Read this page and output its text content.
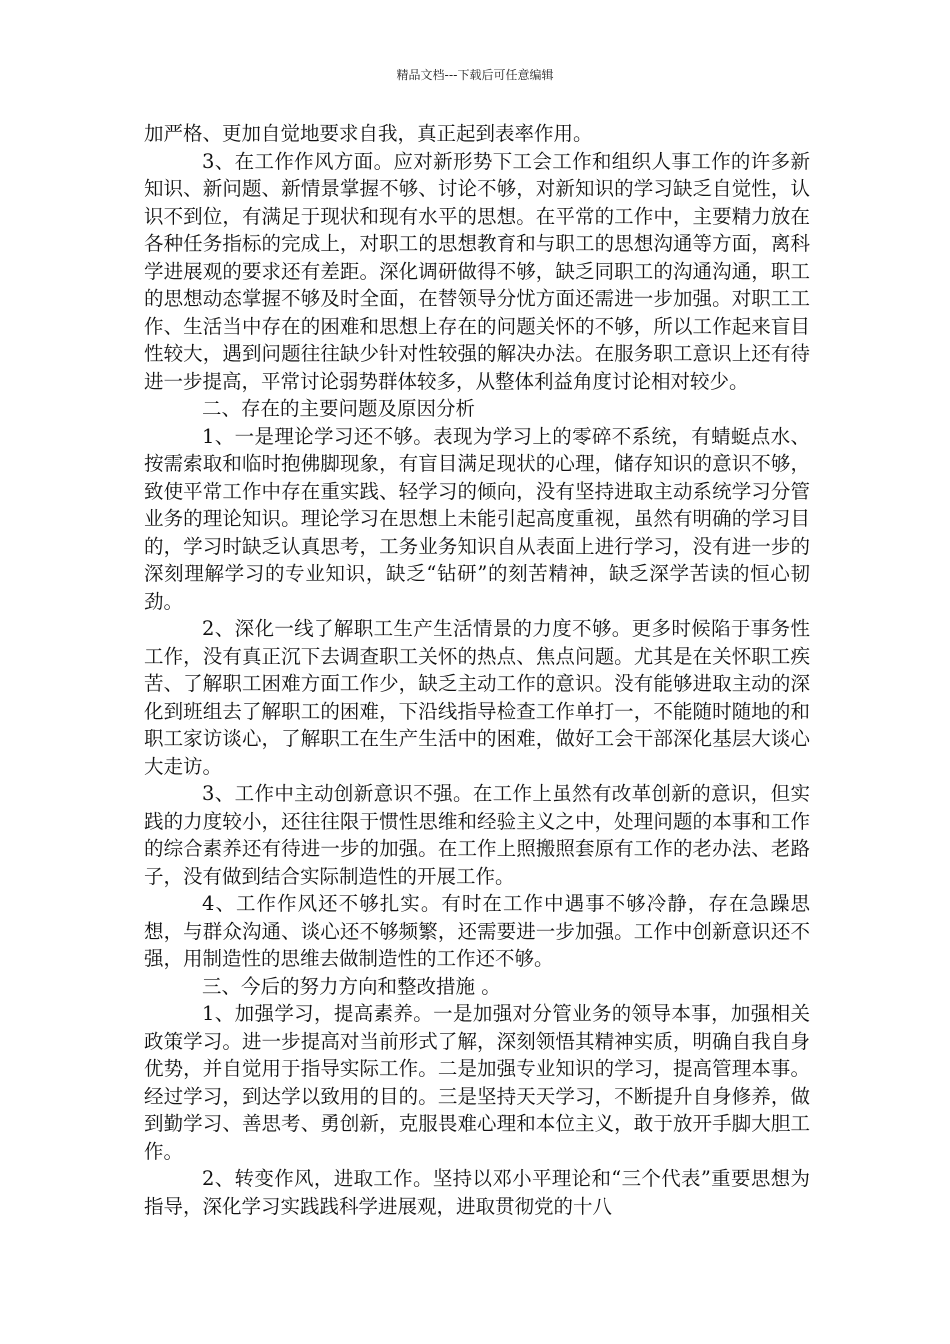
精品文档---下载后可任意编辑

加严格、更加自觉地要求自我，真正起到表率作用。

3、在工作作风方面。应对新形势下工会工作和组织人事工作的许多新知识、新问题、新情景掌握不够、讨论不够，对新知识的学习缺乏自觉性，认识不到位，有满足于现状和现有水平的思想。在平常的工作中，主要精力放在各种任务指标的完成上，对职工的思想教育和与职工的思想沟通等方面，离科学进展观的要求还有差距。深化调研做得不够，缺乏同职工的沟通沟通，职工的思想动态掌握不够及时全面，在替领导分忧方面还需进一步加强。对职工工作、生活当中存在的困难和思想上存在的问题关怀的不够，所以工作起来盲目性较大，遇到问题往往缺少针对性较强的解决办法。在服务职工意识上还有待进一步提高，平常讨论弱势群体较多，从整体利益角度讨论相对较少。

二、存在的主要问题及原因分析

1、一是理论学习还不够。表现为学习上的零碎不系统，有蜻蜓点水、按需索取和临时抱佛脚现象，有盲目满足现状的心理，储存知识的意识不够，致使平常工作中存在重实践、轻学习的倾向，没有坚持进取主动系统学习分管业务的理论知识。理论学习在思想上未能引起高度重视，虽然有明确的学习目的，学习时缺乏认真思考，工务业务知识自从表面上进行学习，没有进一步的深刻理解学习的专业知识，缺乏“钻研”的刻苦精神，缺乏深学苦读的恒心韧劲。

2、深化一线了解职工生产生活情景的力度不够。更多时候陷于事务性工作，没有真正沉下去调查职工关怀的热点、焦点问题。尤其是在关怀职工疾苦、了解职工困难方面工作少，缺乏主动工作的意识。没有能够进取主动的深化到班组去了解职工的困难，下沿线指导检查工作单打一，不能随时随地的和职工家访谈心，了解职工在生产生活中的困难，做好工会干部深化基层大谈心大走访。

3、工作中主动创新意识不强。在工作上虽然有改革创新的意识，但实践的力度较小，还往往限于惯性思维和经验主义之中，处理问题的本事和工作的综合素养还有待进一步的加强。在工作上照搬照套原有工作的老办法、老路子，没有做到结合实际制造性的开展工作。

4、工作作风还不够扎实。有时在工作中遇事不够冷静，存在急躁思想，与群众沟通、谈心还不够频繁，还需要进一步加强。工作中创新意识还不强，用制造性的思维去做制造性的工作还不够。

三、今后的努力方向和整改措施 。

1、加强学习，提高素养。一是加强对分管业务的领导本事，加强相关政策学习。进一步提高对当前形式了解，深刻领悟其精神实质，明确自我自身优势，并自觉用于指导实际工作。二是加强专业知识的学习，提高管理本事。经过学习，到达学以致用的目的。三是坚持天天学习，不断提升自身修养，做到勤学习、善思考、勇创新，克服畏难心理和本位主义，敢于放开手脚大胆工作。

2、转变作风，进取工作。坚持以邓小平理论和“三个代表”重要思想为指导，深化学习实践践科学进展观，进取贯彻党的十八
